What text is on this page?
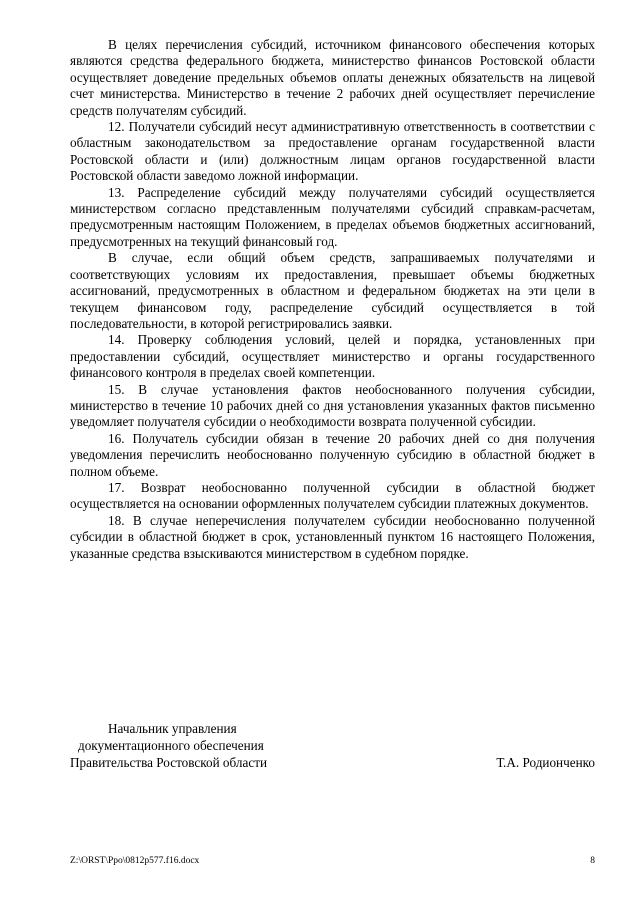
В целях перечисления субсидий, источником финансового обеспечения которых являются средства федерального бюджета, министерство финансов Ростовской области осуществляет доведение предельных объемов оплаты денежных обязательств на лицевой счет министерства. Министерство в течение 2 рабочих дней осуществляет перечисление средств получателям субсидий.

12. Получатели субсидий несут административную ответственность в соответствии с областным законодательством за предоставление органам государственной власти Ростовской области и (или) должностным лицам органов государственной власти Ростовской области заведомо ложной информации.

13. Распределение субсидий между получателями субсидий осуществляется министерством согласно представленным получателями субсидий справкам-расчетам, предусмотренным настоящим Положением, в пределах объемов бюджетных ассигнований, предусмотренных на текущий финансовый год.

В случае, если общий объем средств, запрашиваемых получателями и соответствующих условиям их предоставления, превышает объемы бюджетных ассигнований, предусмотренных в областном и федеральном бюджетах на эти цели в текущем финансовом году, распределение субсидий осуществляется в той последовательности, в которой регистрировались заявки.

14. Проверку соблюдения условий, целей и порядка, установленных при предоставлении субсидий, осуществляет министерство и органы государственного финансового контроля в пределах своей компетенции.

15. В случае установления фактов необоснованного получения субсидии, министерство в течение 10 рабочих дней со дня установления указанных фактов письменно уведомляет получателя субсидии о необходимости возврата полученной субсидии.

16. Получатель субсидии обязан в течение 20 рабочих дней со дня получения уведомления перечислить необоснованно полученную субсидию в областной бюджет в полном объеме.

17. Возврат необоснованно полученной субсидии в областной бюджет осуществляется на основании оформленных получателем субсидии платежных документов.

18. В случае неперечисления получателем субсидии необоснованно полученной субсидии в областной бюджет в срок, установленный пунктом 16 настоящего Положения, указанные средства взыскиваются министерством в судебном порядке.

Начальник управления
документационного обеспечения
Правительства Ростовской области	Т.А. Родионченко
Z:\ORST\Ppo\0812p577.f16.docx	8
